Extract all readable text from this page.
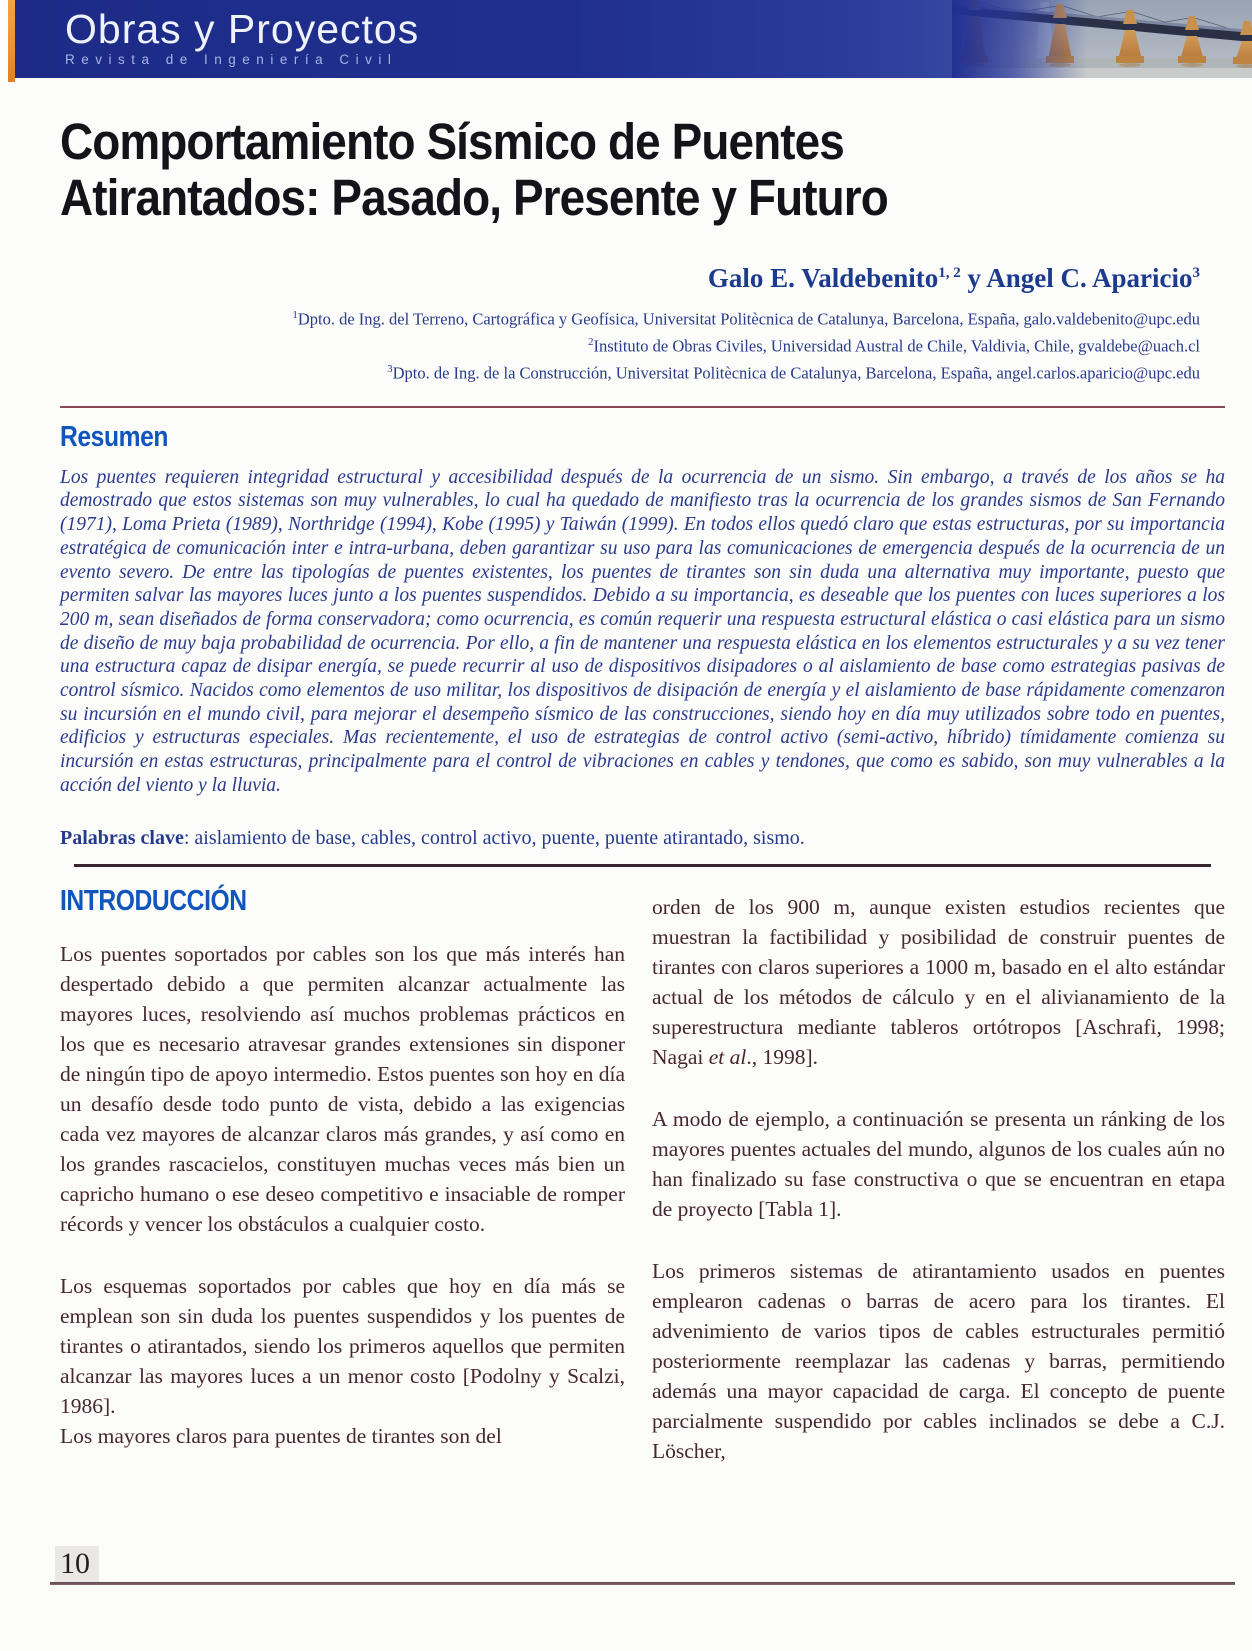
Obras y Proyectos
Revista de Ingeniería Civil
Comportamiento Sísmico de Puentes
Atirantados: Pasado, Presente y Futuro
Galo E. Valdebenito$^{1, 2}$ y Angel C. Aparicio$^3$
$^1$Dpto. de Ing. del Terreno, Cartográfica y Geofísica, Universitat Politècnica de Catalunya, Barcelona, España, galo.valdebenito@upc.edu
$^2$Instituto de Obras Civiles, Universidad Austral de Chile, Valdivia, Chile, gvaldebe@uach.cl
$^3$Dpto. de Ing. de la Construcción, Universitat Politècnica de Catalunya, Barcelona, España, angel.carlos.aparicio@upc.edu
Resumen

Los puentes requieren integridad estructural y accesibilidad después de la ocurrencia de un sismo. Sin embargo, a través de los años se ha demostrado que estos sistemas son muy vulnerables, lo cual ha quedado de manifiesto tras la ocurrencia de los grandes sismos de San Fernando (1971), Loma Prieta (1989), Northridge (1994), Kobe (1995) y Taiwán (1999). En todos ellos quedó claro que estas estructuras, por su importancia estratégica de comunicación inter e intra-urbana, deben garantizar su uso para las comunicaciones de emergencia después de la ocurrencia de un evento severo. De entre las tipologías de puentes existentes, los puentes de tirantes son sin duda una alternativa muy importante, puesto que permiten salvar las mayores luces junto a los puentes suspendidos. Debido a su importancia, es deseable que los puentes con luces superiores a los 200 m, sean diseñados de forma conservadora; como ocurrencia, es común requerir una respuesta estructural elástica o casi elástica para un sismo de diseño de muy baja probabilidad de ocurrencia. Por ello, a fin de mantener una respuesta elástica en los elementos estructurales y a su vez tener una estructura capaz de disipar energía, se puede recurrir al uso de dispositivos disipadores o al aislamiento de base como estrategias pasivas de control sísmico. Nacidos como elementos de uso militar, los dispositivos de disipación de energía y el aislamiento de base rápidamente comenzaron su incursión en el mundo civil, para mejorar el desempeño sísmico de las construcciones, siendo hoy en día muy utilizados sobre todo en puentes, edificios y estructuras especiales. Mas recientemente, el uso de estrategias de control activo (semi-activo, híbrido) tímidamente comienza su incursión en estas estructuras, principalmente para el control de vibraciones en cables y tendones, que como es sabido, son muy vulnerables a la acción del viento y la lluvia.

Palabras clave: aislamiento de base, cables, control activo, puente, puente atirantado, sismo.

INTRODUCCIÓN

Los puentes soportados por cables son los que más interés han despertado debido a que permiten alcanzar actualmente las mayores luces, resolviendo así muchos problemas prácticos en los que es necesario atravesar grandes extensiones sin disponer de ningún tipo de apoyo intermedio. Estos puentes son hoy en día un desafío desde todo punto de vista, debido a las exigencias cada vez mayores de alcanzar claros más grandes, y así como en los grandes rascacielos, constituyen muchas veces más bien un capricho humano o ese deseo competitivo e insaciable de romper récords y vencer los obstáculos a cualquier costo.

Los esquemas soportados por cables que hoy en día más se emplean son sin duda los puentes suspendidos y los puentes de tirantes o atirantados, siendo los primeros aquellos que permiten alcanzar las mayores luces a un menor costo [Podolny y Scalzi, 1986].

Los mayores claros para puentes de tirantes son del

orden de los 900 m, aunque existen estudios recientes que muestran la factibilidad y posibilidad de construir puentes de tirantes con claros superiores a 1000 m, basado en el alto estándar actual de los métodos de cálculo y en el alivianamiento de la superestructura mediante tableros ortótropos [Aschrafi, 1998; Nagai et al., 1998].

A modo de ejemplo, a continuación se presenta un ránking de los mayores puentes actuales del mundo, algunos de los cuales aún no han finalizado su fase constructiva o que se encuentran en etapa de proyecto [Tabla 1].

Los primeros sistemas de atirantamiento usados en puentes emplearon cadenas o barras de acero para los tirantes. El advenimiento de varios tipos de cables estructurales permitió posteriormente reemplazar las cadenas y barras, permitiendo además una mayor capacidad de carga. El concepto de puente parcialmente suspendido por cables inclinados se debe a C.J. Löscher,

10
